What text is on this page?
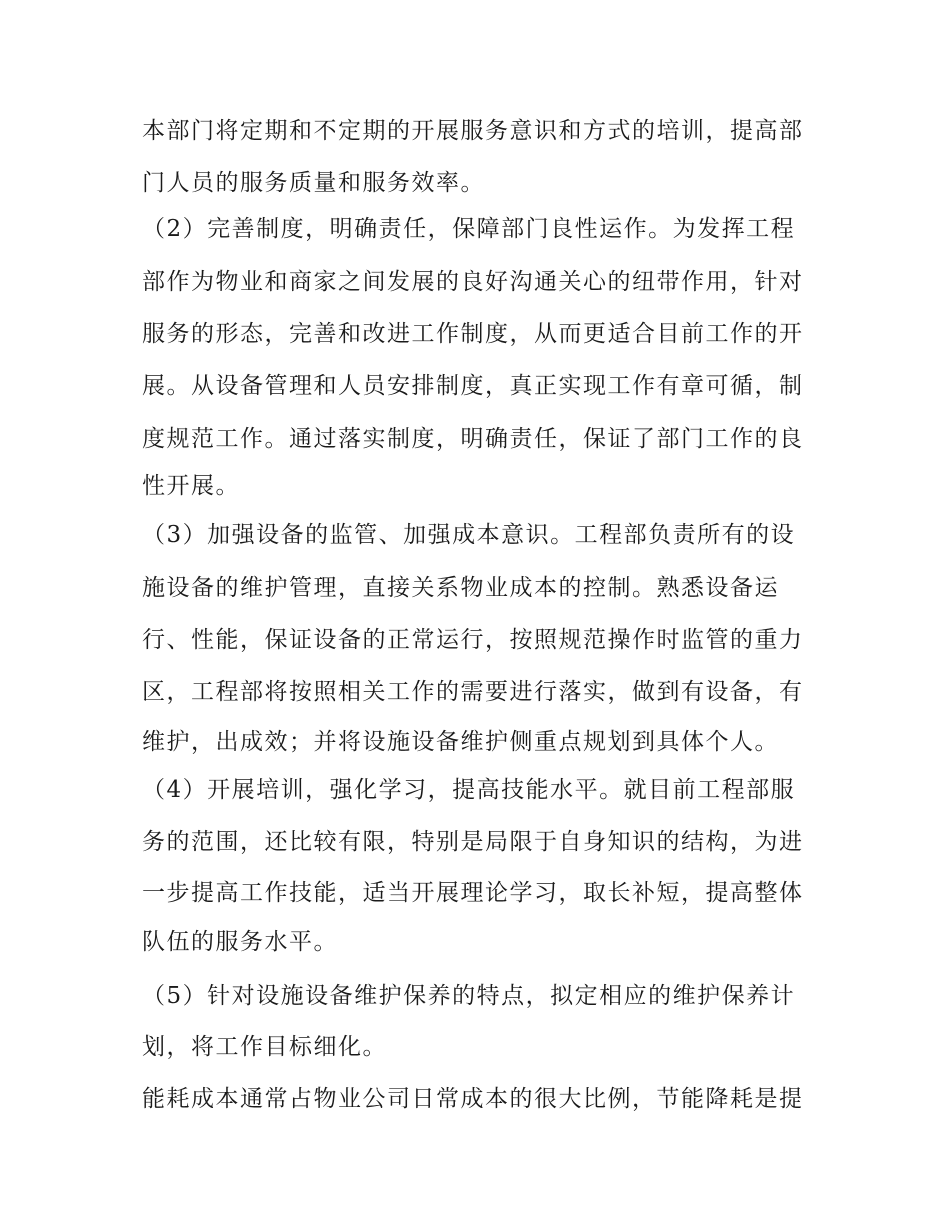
本部门将定期和不定期的开展服务意识和方式的培训，提高部
门人员的服务质量和服务效率。
（2）完善制度，明确责任，保障部门良性运作。为发挥工程
部作为物业和商家之间发展的良好沟通关心的纽带作用，针对
服务的形态，完善和改进工作制度，从而更适合目前工作的开
展。从设备管理和人员安排制度，真正实现工作有章可循，制
度规范工作。通过落实制度，明确责任，保证了部门工作的良
性开展。
（3）加强设备的监管、加强成本意识。工程部负责所有的设
施设备的维护管理，直接关系物业成本的控制。熟悉设备运
行、性能，保证设备的正常运行，按照规范操作时监管的重力
区，工程部将按照相关工作的需要进行落实，做到有设备，有
维护，出成效；并将设施设备维护侧重点规划到具体个人。
（4）开展培训，强化学习，提高技能水平。就目前工程部服
务的范围，还比较有限，特别是局限于自身知识的结构，为进
一步提高工作技能，适当开展理论学习，取长补短，提高整体
队伍的服务水平。
（5）针对设施设备维护保养的特点，拟定相应的维护保养计
划，将工作目标细化。
能耗成本通常占物业公司日常成本的很大比例，节能降耗是提
